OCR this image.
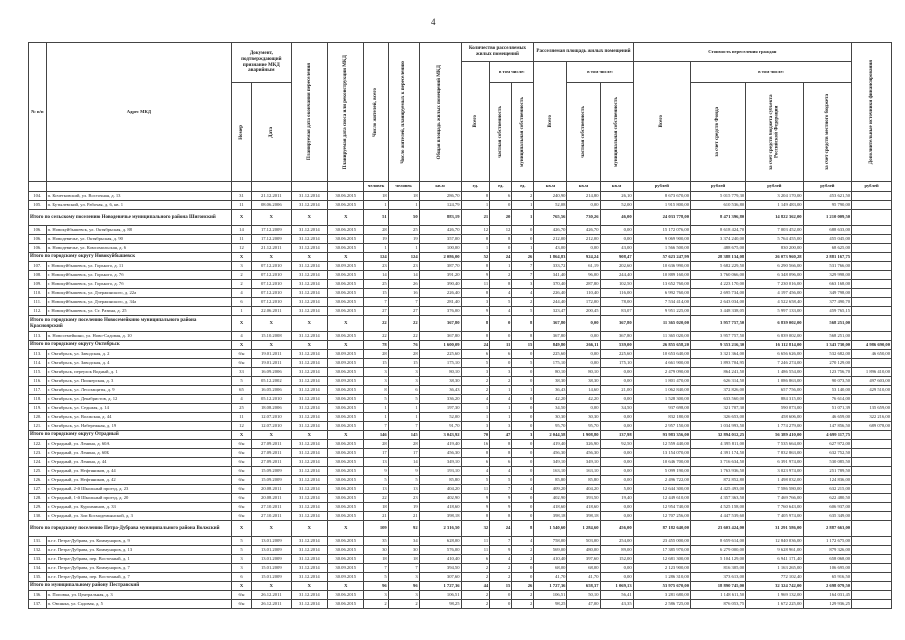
4
№ п/п	Адрес МКД	Документ, подтверждающий признание МКД аварийным		Планируемая дата окончания переселения	Планируемая дата сноса или реконструкции МКД	Число жителей, всего	Число жителей, планируемых к переселению	Общая площадь жилых помещений МКД	Количество расселяемых жилых помещений			Расселяемая площадь жилых помещений			Стоимость переселения граждан				Дополнительные источники финансирования

									Всего	в том числе:		Всего	в том числе:		Всего	в том числе:			

		Номер	Дата							частная собственность	муниципальная собственность		частная собственность	муниципальная собственность		за счет средств Фонда	за счет средств бюджета субъекта Российской Федерации	за счет средств местного бюджета	

						человек	человек	кв.м	ед.	ед.	ед.	кв.м	кв.м	кв.м	рублей	рублей	рублей	рублей	рублей
104.	п. Кочетковский, ул. Восточная, д. 13	31	21.12.2011	31.12.2014	30.06.2015	18	18	286,70	8	6	2	240,90	214,80	26,10	8 673 670,00	5 015 779,30	3 204 170,00	453 621,50	
105.	п. Бутылевский, ул. Рабочая, д. 6, кв. 1	11	08.06.2006	31.12.2014	30.06.2015	1	1	124,79	1	0	1	52,08	0,00	52,00	1 915 800,00	610 536,80	1 149 483,00	95 790,00	
Итого по сельскому поселению Новодевичье муниципального района Шигонский		X	X	X	X	51	50	883,19	21	20	1	765,56	730,26	46,00	24 033 778,00	8 471 396,80	14 822 362,00	1 210 009,50	
106.	п. Новокуйбышевск, ул. Октябрьская, д. 88	14	17.12.2009	31.12.2014	30.06.2015	28	25	426,70	12	12	0	426,70	426,70	0,00	15 172 076,00	8 618 424,70	7 003 452,00	688 633,00	
106.	п. Новодевичье, ул. Октябрьская, д. 90	11	17.12.2009	31.12.2014	30.06.2015	19	19	357,00	8	8	0	212,00	212,00	0,00	9 069 900,00	3 374 240,00	5 764 455,00	455 045,00	
106.	п. Новодевичье, ул. Комсомольская, д. 6	12	21.12.2011	31.12.2014	30.06.2015	1	1	100,00	1	0	1	43,00	0,00	43,00	1 566 500,00	488 675,00	830 200,00	68 625,00	
Итого по городскому округу Новокуйбышевск		X	X	X	X	124	124	2 086,00	52	24	26	1 864,83	924,24	908,47	57 623 247,99	28 388 134,08	26 073 960,28	2 881 167,75	
107.	г. Новокуйбышевск, ул. Горького, д. 11	3	07.12.2010	31.12.2014	30.09.2015	23	23	387,70	8	1	7	333,72	61,19	202,60	10 636 990,00	5 682 229,50	6 290 566,00	531 766,00	
108.	г. Новокуйбышевск, ул. Горького, д. 7б	2	07.12.2010	31.12.2014	30.06.2015	14	14	391,20	9	2	7	341,40	96,00	244,40	10 889 160,00	3 760 066,00	6 348 096,00	329 998,00	
109.	г. Новокуйбышевск, ул. Горького, д. 7б	2	07.12.2010	31.12.2014	30.06.2015	25	26	390,40	11	8	3	370,40	287,80	102,50	13 652 760,00	4 223 170,00	7 230 016,00	663 168,00	
110.	г. Новокуйбышевск, ул. Дзержинского, д. 22а	4	07.12.2010	31.12.2014	30.06.2015	15	16	226,40	8	4	4	226,40	110,40	116,00	6 992 760,00	2 695 734,00	4 197 456,00	349 798,00	
111.	г. Новокуйбышевск, ул. Дзержинского, д. 34а	6	07.12.2010	31.12.2014	30.06.2015	7	7	281,40	3	5	2	244,40	172,00	78,00	7 534 414,00	2 643 034,00	4 522 658,40	377 490,70	
112.	г. Новокуйбышевск, ул. Ст. Разина, д. 25	1	22.06.2011	31.12.2014	30.06.2015	27	27	376,00	9	4	5	323,47	200,45	83,07	9 951 225,00	3 448 338,05	5 997 133,00	459 765,15	
Итого по городскому поселению Новосемейкино муниципального района Красноярский		X	X	X	X	22	22	367,80	8	0	8	367,80	0,00	367,80	11 365 020,00	3 957 757,50	6 839 002,00	568 251,00	
113.	п. Новосемейкино, ул. Ново-Садовая, д. 10	4	15.10.2008	31.12.2014	30.06.2015	22	22	367,80	8	0	8	367,80	0,00	367,80	11 365 020,00	3 957 757,50	6 839 002,00	568 251,00	
Итого по городскому округу Октябрьск		X	X	X	X	78	76	1 600,09	24	11	15	849,80	266,11	539,00	26 855 658,20	9 353 216,30	16 112 814,00	1 343 730,00	4 986 690,00
113.	г. Октябрьск, ул. Заводская, д. 2	б/н	19.01.2011	31.12.2014	30.09.2015	28	28	225,60	6	6	0	225,60	0,00	225,60	10 653 640,00	3 321 364,00	6 656 626,00	532 682,00	46 650,00
114.	г. Октябрьск, ул. Заводская, д. 4	б/н	19.01.2011	31.12.2014	30.09.2015	15	15	175,10	5	0	5	175,10	0,00	175,10	4 661 900,00	1 893 704,95	7 246 274,00	270 129,00	
115.	г. Октябрьск, переулок Водный, д. 1	33	16.09.2006	31.12.2014	30.06.2015	3	3	80,10	3	3	0	80,10	80,10	0,00	2 479 090,00	864 241,50	1 486 554,00	123 756,70	1 896 410,00
116.	г. Октябрьск, ул. Пионерская, д. 3	5	05.12.2002	31.12.2014	30.09.2015	3	3	38,30	2	2	0	38,30	38,30	0,00	1 801 470,00	626 314,50	1 086 863,00	90 073,50	497 603,00
117.	г. Октябрьск, ул. Лесозащиты, д. 9	65	16.05.2006	31.12.2014	30.06.2015	8	6	36,43	2	1	1	36,43	14,60	21,00	1 062 840,00	372 826,00	657 756,00	53 140,00	429 510,00
118.	г. Октябрьск, ул. Декабристов, д. 12	4	05.12.2010	31.12.2014	30.06.2015	5	5	336,20	4	4	0	42,20	42,20	0,00	1 528 300,00	633 560,00	884 315,00	76 614,00	
119.	г. Октябрьск, ул. Седьмая, д. 14	25	18.08.2006	31.12.2014	30.06.2015	1	1	197,30	1	1	0	34,50	0,00	34,50	937 698,00	321 707,30	590 073,00	51 071,39	135 659,00
120.	г. Октябрьск, ул. Волжская, д. 44	11	12.07.2010	31.12.2014	30.06.2015	1	1	52,00	1	1	0	30,30	30,30	0,00	832 180,00	326 653,00	458 606,00	46 659,00	322 216,00
121.	г. Октябрьск, ул. Набережная, д. 19	12	12.07.2010	31.12.2014	30.06.2015	7	7	91,70	3	3	0	95,70	95,70	0,00	2 957 150,00	1 034 993,50	1 774 279,00	147 856,50	689 078,00
Итого по городскому округу Отрадный		X	X	X	X	146	145	3 043,92	70	47	3	2 044,58	1 908,80	137,98	93 983 356,00	32 894 012,25	56 389 410,00	4 699 117,75	
122.	г. Отрадный, ул. Ленина, д. 60А	б/н	27.09.2011	31.12.2014	30.06.2015	28	28	419,40	16	8	0	419,40	326,90	92,50	12 559 440,00	4 395 811,00	7 535 664,00	627 972,00	
123.	г. Отрадный, ул. Ленина, д. 60Б	б/н	27.09.2011	31.12.2014	30.06.2015	17	17	456,30	8	8	0	456,30	456,30	0,00	13 154 070,00	4 391 174,50	7 832 863,00	632 752,50	
124.	г. Отрадный, ул. Ленина, д. 44	б/н	27.09.2011	31.12.2014	30.06.2015	13	14	349,10	6	6	0	349,10	349,10	0,00	10 646 700,00	3 716 634,50	6 391 974,00	530 085,50	
125.	г. Отрадный, ул. Нефтяников, д. 44	б/н	15.09.2009	31.12.2014	30.06.2015	9	9	193,10	4	4	0	163,10	163,10	0,00	5 099 190,00	1 763 936,50	3 023 974,00	251 789,50	
126.	г. Отрадный, ул. Нефтяников, д. 42	б/н	15.09.2009	31.12.2014	30.06.2015	5	5	85,80	5	5	0	85,80	85,80	0,00	2 496 722,00	872 852,80	1 498 032,00	124 836,00	
127.	г. Отрадный, 2-й Школьный проезд, д. 23	б/н	20.08.2011	31.12.2014	30.06.2015	13	13	404,20	11	7	4	409,20	404,20	5,00	12 644 300,00	4 425 493,00	7 586 580,00	632 215,00	
128.	г. Отрадный, 1-й Школьный проезд, д. 20	б/н	20.08.2011	31.12.2014	30.06.2015	22	23	402,90	9	9	0	402,90	393,50	19,40	12 449 610,00	4 357 363,50	7 469 766,00	622 480,50	
129.	г. Отрадный, ул. Куроаминов, д. 33	б/н	27.10.2011	31.12.2014	30.06.2015	18	19	418,60	9	9	0	418,60	418,60	0,00	12 954 740,00	4 525 158,00	7 760 643,00	606 937,00	
130.	г. Отрадный, ул. Зои Космодемьянской, д. 3	б/н	27.10.2011	31.12.2014	30.06.2015	21	21	398,18	8	8	0	398,18	398,18	0,00	12 707 256,00	4 447 539,60	7 405 974,00	635 349,00	
Итого по городскому поселению Петра-Дубрава муниципального района Волжский		X	X	X	X	109	92	2 316,50	32	24	8	1 540,60	1 284,60	456,00	87 182 640,00	23 603 424,00	31 291 586,00	2 887 663,00	
131.	п.г.т. Петра-Дубрава, ул. Коммунаров, д. 9	5	13.01.2009	31.12.2014	30.06.2015	35	34	628,00	11	7	4	758,00	503,00	254,00	23 455 000,00	8 659 614,00	12 840 036,00	1 172 675,00	
132.	п.г.т. Петра-Дубрава, ул. Коммунаров, д. 13	5	13.01.2009	31.12.2014	30.06.2015	30	30	576,00	11	9	2	569,00	480,00	89,00	17 385 970,00	6 279 000,00	9 628 961,00	879 326,00	
133.	п.г.т. Петра-Дубрава, пер. Восточный, д. 1	3	13.01.2009	31.12.2014	30.06.2015	18	18	410,40	6	4	2	410,40	397,60	152,00	12 681 300,00	5 104 129,00	6 941 171,40	658 068,00	
134.	п.г.т. Петра-Дубрава, ул. Коммунаров, д. 7	3	15.01.2009	31.12.2014	30.09.2015	7	7	394,50	2	2	0	68,00	68,00	0,00	2 123 900,00	816 305,00	1 163 265,00	106 695,00	
135.	п.г.т. Петра-Дубрава, пер. Восточный, д. 7	6	15.01.2009	31.12.2014	30.09.2015	5	3	307,60	2	2	0	41,70	41,70	0,00	1 286 310,00	373 613,00	772 102,40	65 916,50	
Итого по муниципальному району Пестравский		X	X	X	X	96	96	1 727,36	44	15	26	1 727,36	658,37	1 069,13	53 975 670,00	18 890 745,00	32 324 742,00	2 698 079,50	
136.	п. Поповка, ул. Центральная, д. 3	б/н	26.12.2011	31.12.2014	30.06.2015	3	3	106,51	2	0	2	106,51	50,10	56,41	3 281 680,00	1 148 611,50	1 969 132,00	164 031,45	
137.	п. Овсянка, ул. Садовая, д. 5	б/н	26.12.2011	31.12.2014	30.06.2015	2	2	98,25	2	0	2	98,25	47,00	43,35	2 586 725,00	876 053,75	1 672 225,00	129 936,25	
